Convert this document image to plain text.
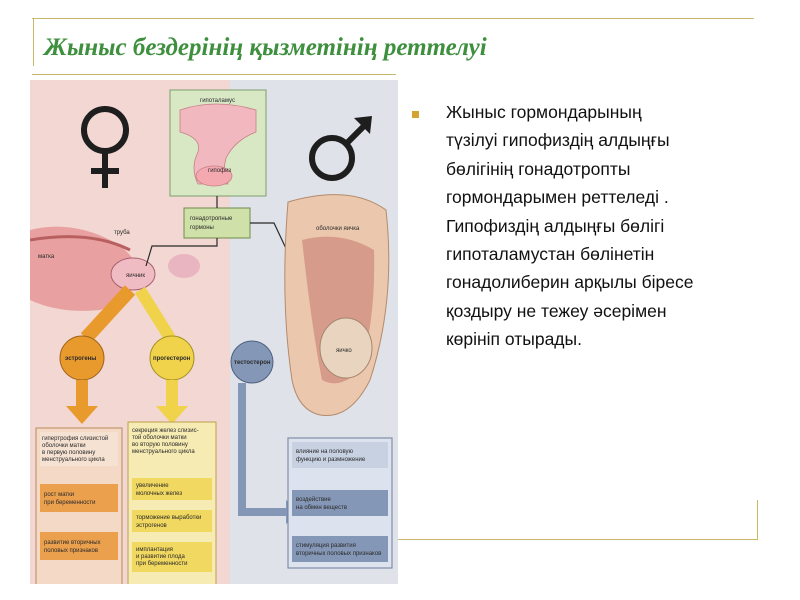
Жыныс бездерінің қызметінің реттелуі
Жыныс гормондарының
түзілуі гипофиздің алдыңғы
бөлігінің гонадотропты
гормондарымен реттеледі .
Гипофиздің алдыңғы бөлігі
гипоталамустан бөлінетін
гонадолиберин арқылы біресе
қоздыру не тежеу әсерімен
көрініп отырады.
гипоталамус
гипофиз
гонадотропные
гормоны
матка
яичник
труба
оболочки яичка
яичко
эстрогены	прогестерон
тестостерон
гипертрофия слизистой
оболочки матки
в первую половину
менструального цикла
рост матки
при беременности
развитие вторичных
половых признаков
секреция желез слизис-
той оболочки матки
во вторую половину
менструального цикла
увеличение
молочных желез
торможение выработки
эстрогенов
имплантация
и развитие плода
при беременности
влияние на половую
функцию и размножение
воздействие
на обмен веществ
стимуляция развития
вторичных половых признаков
